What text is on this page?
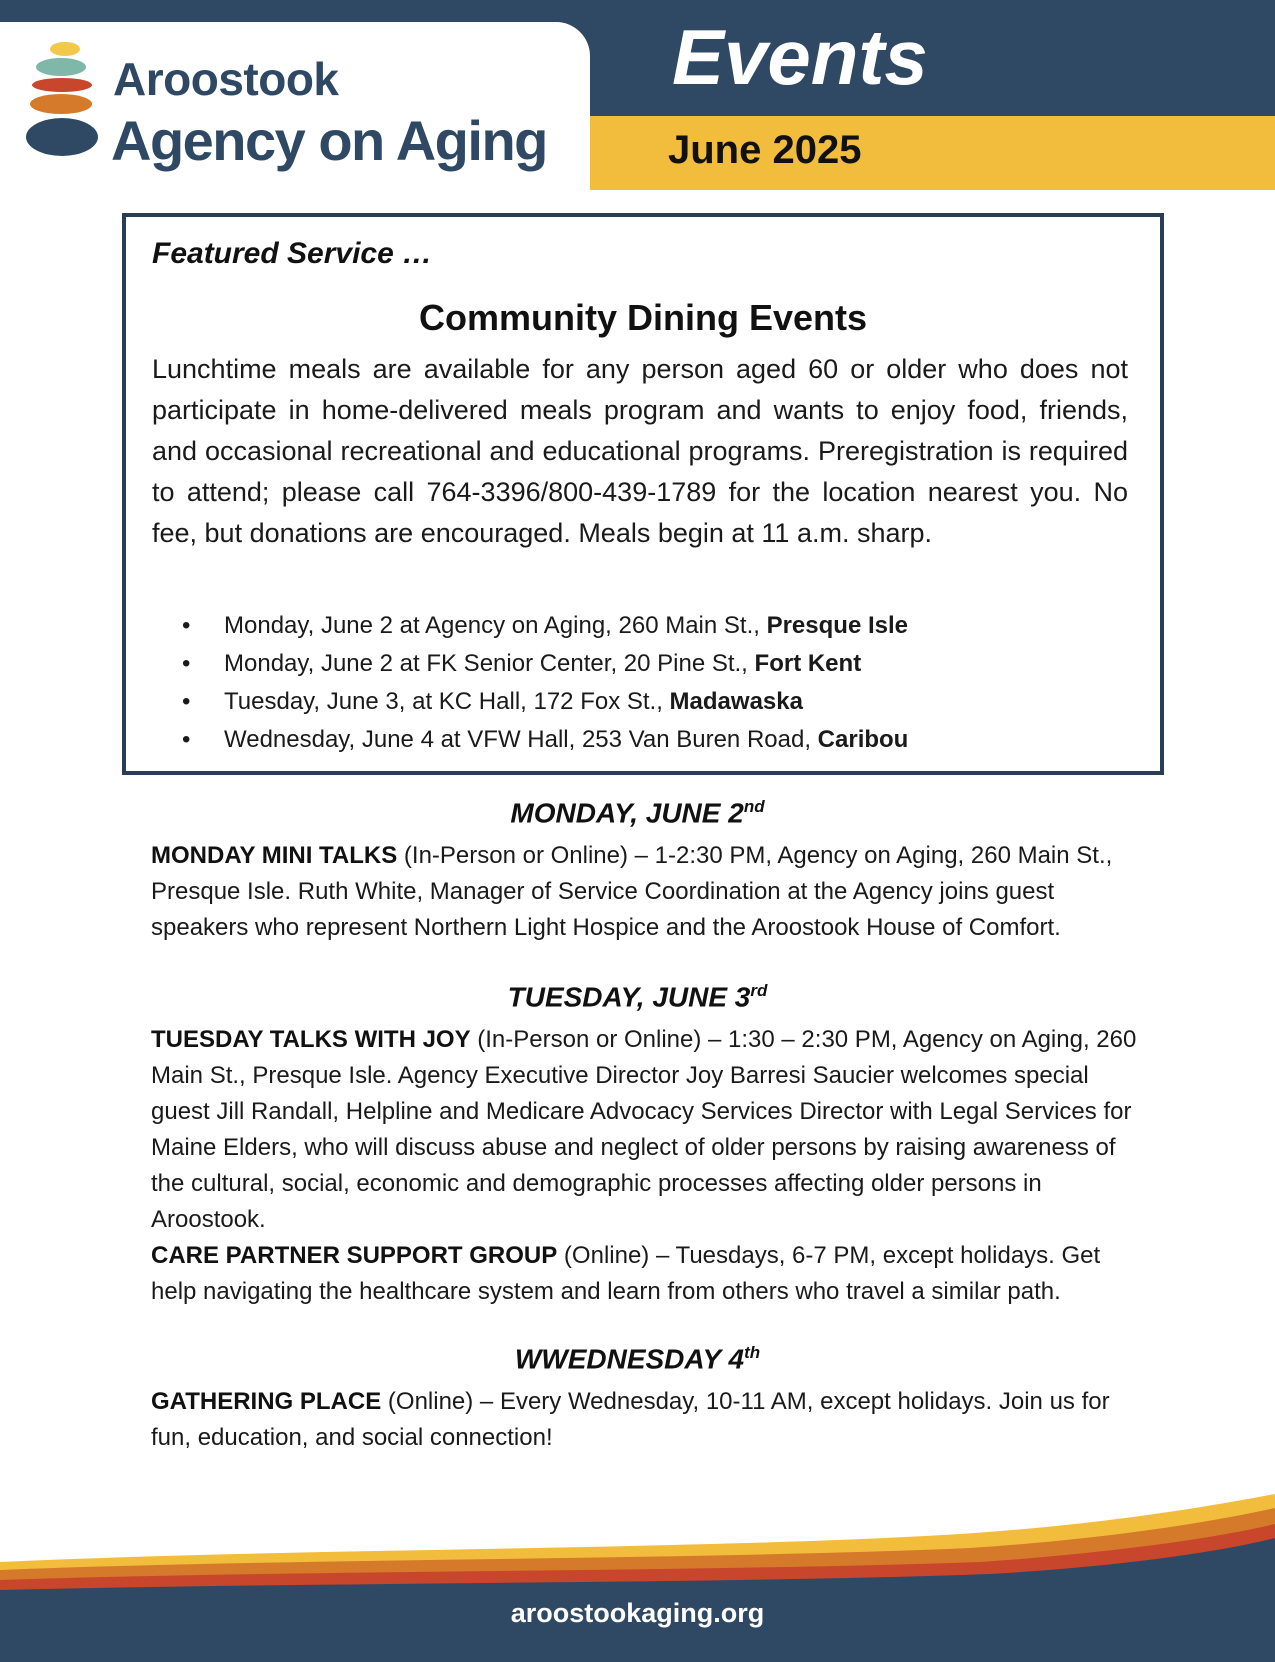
Aroostook
Agency on Aging
Events
June 2025
Featured Service …
Community Dining Events
Lunchtime meals are available for any person aged 60 or older who does not participate in home-delivered meals program and wants to enjoy food, friends, and occasional recreational and educational programs. Preregistration is required to attend; please call 764-3396/800-439-1789 for the location nearest you. No fee, but donations are encouraged. Meals begin at 11 a.m. sharp.
• Monday, June 2 at Agency on Aging, 260 Main St., Presque Isle
• Monday, June 2 at FK Senior Center, 20 Pine St., Fort Kent
• Tuesday, June 3, at KC Hall, 172 Fox St., Madawaska
• Wednesday, June 4 at VFW Hall, 253 Van Buren Road, Caribou
MONDAY, JUNE 2nd
MONDAY MINI TALKS (In-Person or Online) – 1-2:30 PM, Agency on Aging, 260 Main St., Presque Isle. Ruth White, Manager of Service Coordination at the Agency joins guest speakers who represent Northern Light Hospice and the Aroostook House of Comfort.
TUESDAY, JUNE 3rd
TUESDAY TALKS WITH JOY (In-Person or Online) – 1:30 – 2:30 PM, Agency on Aging, 260 Main St., Presque Isle. Agency Executive Director Joy Barresi Saucier welcomes special guest Jill Randall, Helpline and Medicare Advocacy Services Director with Legal Services for Maine Elders, who will discuss abuse and neglect of older persons by raising awareness of the cultural, social, economic and demographic processes affecting older persons in Aroostook.
CARE PARTNER SUPPORT GROUP (Online) – Tuesdays, 6-7 PM, except holidays. Get help navigating the healthcare system and learn from others who travel a similar path.
WWEDNESDAY 4th
GATHERING PLACE (Online) – Every Wednesday, 10-11 AM, except holidays. Join us for fun, education, and social connection!
aroostookaging.org
